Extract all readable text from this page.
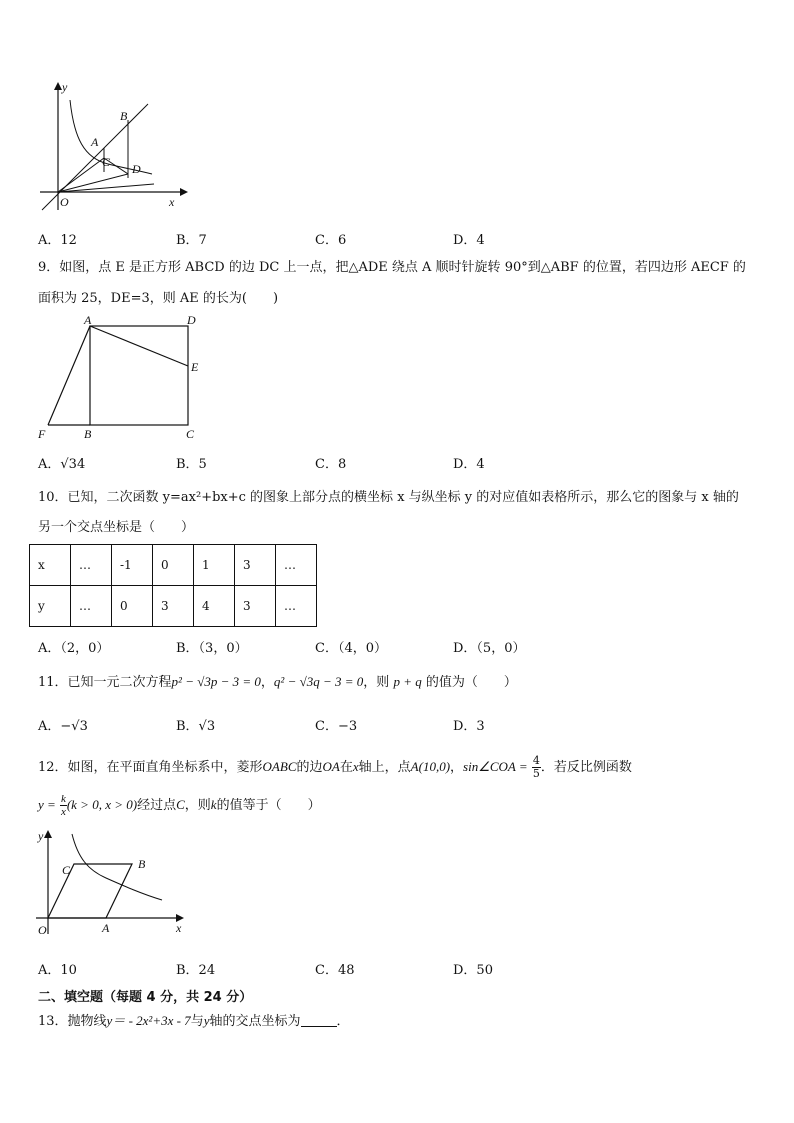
y
x
O
A
B
C D
A．12	B．7	C．6	D．4
9．如图，点 E 是正方形 ABCD 的边 DC 上一点，把△ADE 绕点 A 顺时针旋转 90°到△ABF 的位置，若四边形 AECF 的
面积为 25，DE=3，则 AE 的长为(　　)
A	D
E
F	B	C
A．√34	B．5	C．8	D．4
10．已知，二次函数 y=ax²+bx+c 的图象上部分点的横坐标 x 与纵坐标 y 的对应值如表格所示，那么它的图象与 x 轴的
另一个交点坐标是（　　）
x	…	-1	0	1	3	…
y	…	0	3	4	3	…
A．（2，0）	B．（3，0）	C．（4，0）	D．（5，0）
11．已知一元二次方程p² − √3p − 3 = 0，q² − √3q − 3 = 0，则 p + q 的值为（　　）
A．−√3	B．√3	C．−3	D．3
12．如图，在平面直角坐标系中，菱形OABC的边OA在x轴上，点A(10,0)，sin∠COA = $\frac{4}{5}$ ．若反比例函数
$y = \frac{k}{x} (k > 0$, x > 0)经过点C，则k的值等于（　　）
y
x
O	A
B
C
A．10	B．24	C．48	D．50
二、填空题（每题 4 分，共 24 分）
13．抛物线y＝ - 2x²+3x - 7与y轴的交点坐标为	．
